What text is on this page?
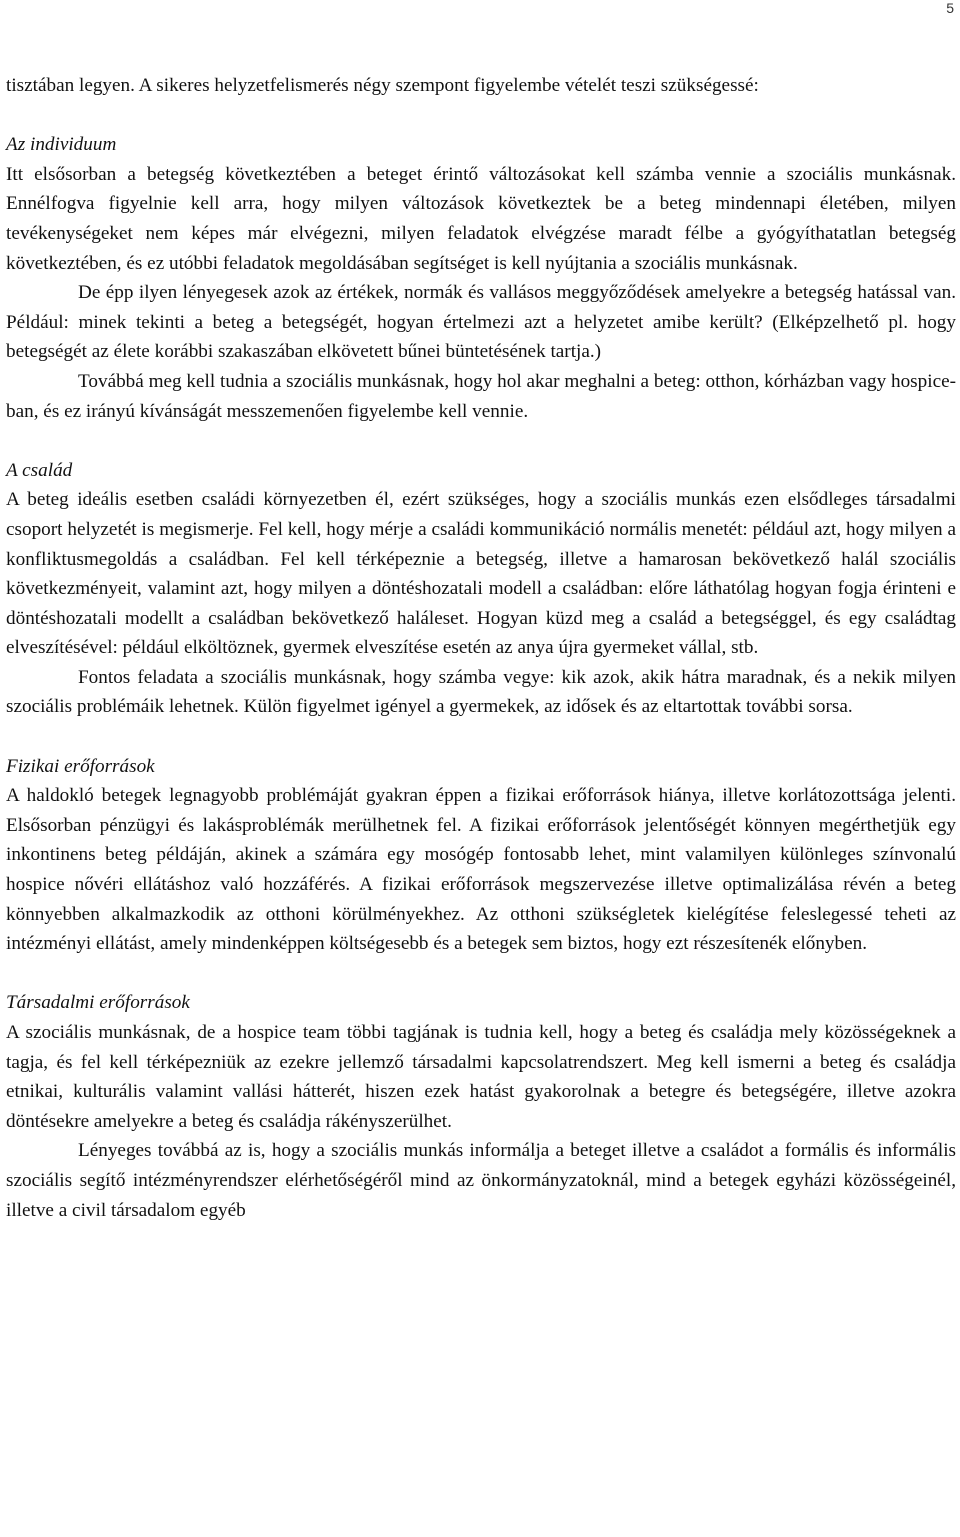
5

tisztában legyen. A sikeres helyzetfelismerés négy szempont figyelembe vételét teszi szükségessé:

Az individuum

Itt elsősorban a betegség következtében a beteget érintő változásokat kell számba vennie a szociális munkásnak. Ennélfogva figyelnie kell arra, hogy milyen változások következtek be a beteg mindennapi életében, milyen tevékenységeket nem képes már elvégezni, milyen feladatok elvégzése maradt félbe a gyógyíthatatlan betegség következtében, és ez utóbbi feladatok megoldásában segítséget is kell nyújtania a szociális munkásnak.

De épp ilyen lényegesek azok az értékek, normák és vallásos meggyőződések amelyekre a betegség hatással van. Például: minek tekinti a beteg a betegségét, hogyan értelmezi azt a helyzetet amibe került? (Elképzelhető pl. hogy betegségét az élete korábbi szakaszában elkövetett bűnei büntetésének tartja.)

Továbbá meg kell tudnia a szociális munkásnak, hogy hol akar meghalni a beteg: otthon, kórházban vagy hospice-ban, és ez irányú kívánságát messzemenően figyelembe kell vennie.

A család

A beteg ideális esetben családi környezetben él, ezért szükséges, hogy a szociális munkás ezen elsődleges társadalmi csoport helyzetét is megismerje. Fel kell, hogy mérje a családi kommunikáció normális menetét: például azt, hogy milyen a konfliktusmegoldás a családban. Fel kell térképeznie a betegség, illetve a hamarosan bekövetkező halál szociális következményeit, valamint azt, hogy milyen a döntéshozatali modell a családban: előre láthatólag hogyan fogja érinteni e döntéshozatali modellt a családban bekövetkező haláleset. Hogyan küzd meg a család a betegséggel, és egy családtag elveszítésével: például elköltöznek, gyermek elveszítése esetén az anya újra gyermeket vállal, stb.

Fontos feladata a szociális munkásnak, hogy számba vegye: kik azok, akik hátra maradnak, és a nekik milyen szociális problémáik lehetnek. Külön figyelmet igényel a gyermekek, az idősek és az eltartottak további sorsa.

Fizikai erőforrások

A haldokló betegek legnagyobb problémáját gyakran éppen a fizikai erőforrások hiánya, illetve korlátozottsága jelenti. Elsősorban pénzügyi és lakásproblémák merülhetnek fel. A fizikai erőforrások jelentőségét könnyen megérthetjük egy inkontinens beteg példáján, akinek a számára egy mosógép fontosabb lehet, mint valamilyen különleges színvonalú hospice nővéri ellátáshoz való hozzáférés. A fizikai erőforrások megszervezése illetve optimalizálása révén a beteg könnyebben alkalmazkodik az otthoni körülményekhez. Az otthoni szükségletek kielégítése feleslegessé teheti az intézményi ellátást, amely mindenképpen költségesebb és a betegek sem biztos, hogy ezt részesítenék előnyben.

Társadalmi erőforrások

A szociális munkásnak, de a hospice team többi tagjának is tudnia kell, hogy a beteg és családja mely közösségeknek a tagja, és fel kell térképezniük az ezekre jellemző társadalmi kapcsolatrendszert. Meg kell ismerni a beteg és családja etnikai, kulturális valamint vallási hátterét, hiszen ezek hatást gyakorolnak a betegre és betegségére, illetve azokra döntésekre amelyekre a beteg és családja rákényszerülhet.

Lényeges továbbá az is, hogy a szociális munkás informálja a beteget illetve a családot a formális és informális szociális segítő intézményrendszer elérhetőségéről mind az önkormányzatoknál, mind a betegek egyházi közösségeinél, illetve a civil társadalom egyéb
